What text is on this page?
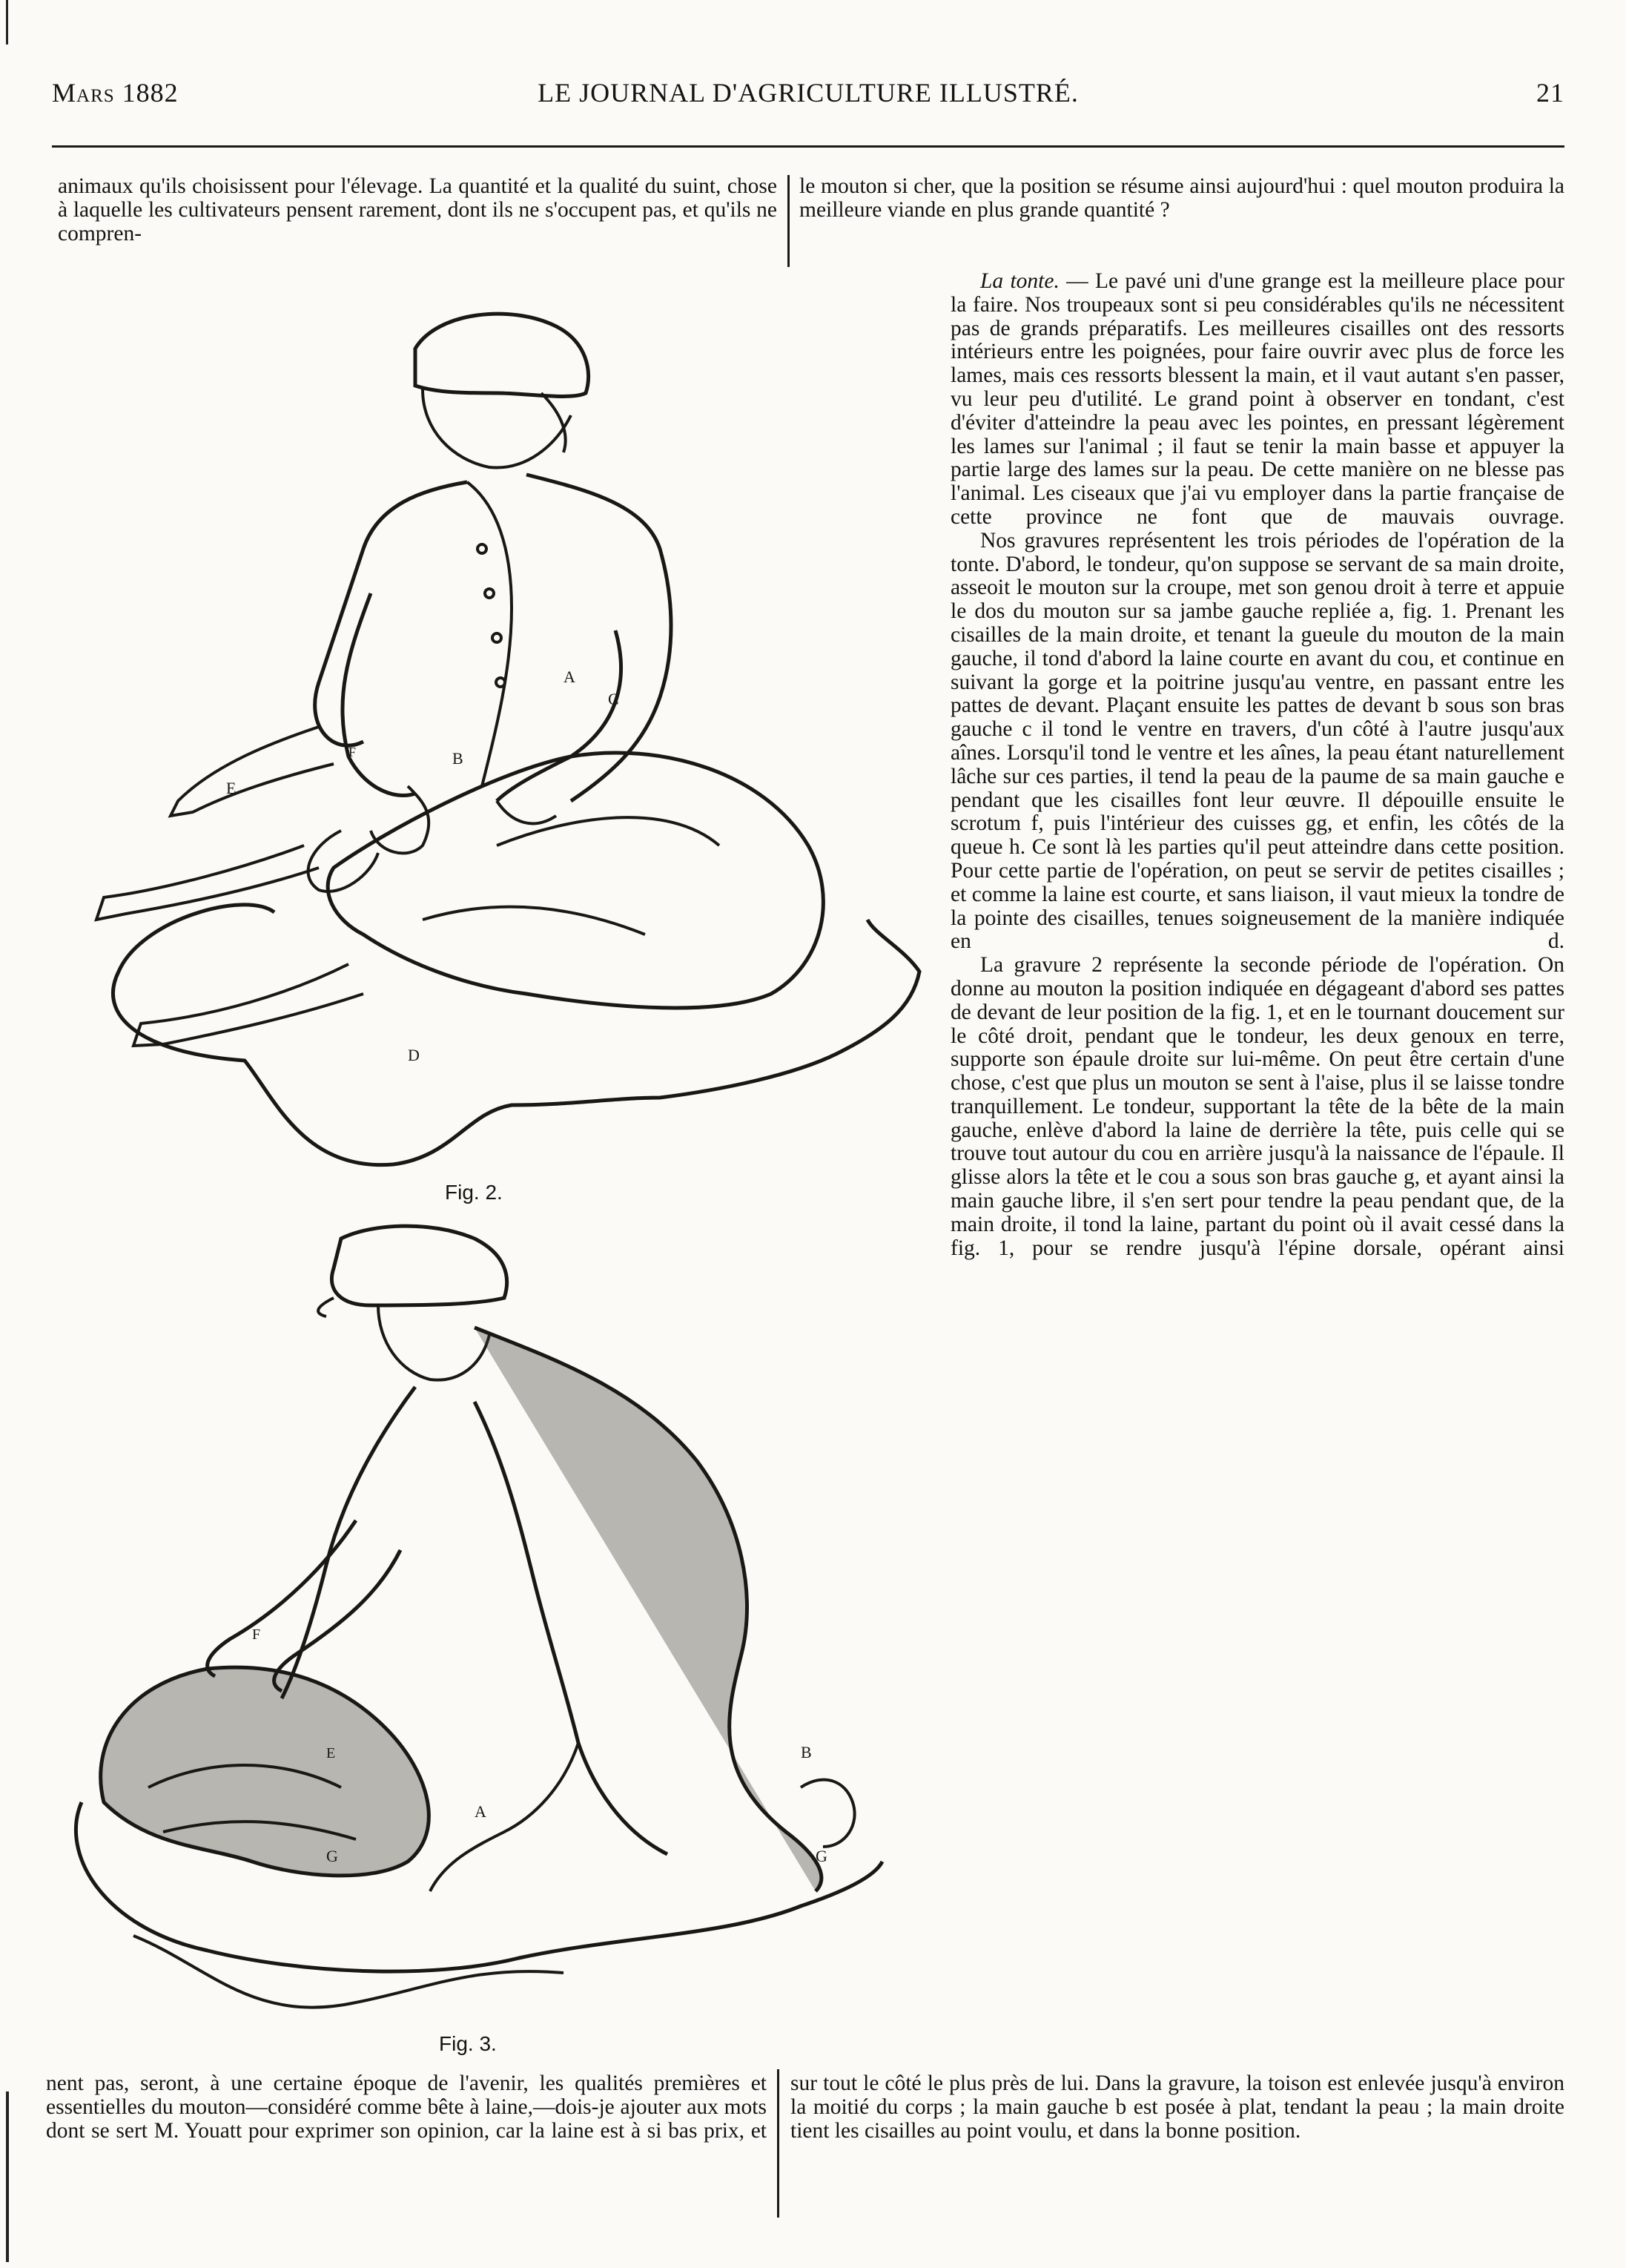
Mars 1882	LE JOURNAL D'AGRICULTURE ILLUSTRÉ.	21
animaux qu'ils choisissent pour l'élevage. La quantité et la qualité du suint, chose à laquelle les cultivateurs pensent rarement, dont ils ne s'occupent pas, et qu'ils ne compren-
le mouton si cher, que la position se résume ainsi aujourd'hui : quel mouton produira la meilleure viande en plus grande quantité ?

La tonte. — Le pavé uni d'une grange est la meilleure place pour la faire. Nos troupeaux sont si peu considérables qu'ils ne nécessitent pas de grands préparatifs. Les meilleures cisailles ont des ressorts intérieurs entre les poignées, pour faire ouvrir avec plus de force les lames, mais ces ressorts blessent la main, et il vaut autant s'en passer, vu leur peu d'utilité. Le grand point à observer en tondant, c'est d'éviter d'atteindre la peau avec les pointes, en pressant légèrement les lames sur l'animal ; il faut se tenir la main basse et appuyer la partie large des lames sur la peau. De cette manière on ne blesse pas l'animal. Les ciseaux que j'ai vu employer dans la partie française de cette province ne font que de mauvais ouvrage.

Nos gravures représentent les trois périodes de l'opération de la tonte. D'abord, le tondeur, qu'on suppose se servant de sa main droite, asseoit le mouton sur la croupe, met son genou droit à terre et appuie le dos du mouton sur sa jambe gauche repliée a, fig. 1. Prenant les cisailles de la main droite, et tenant la gueule du mouton de la main gauche, il tond d'abord la laine courte en avant du cou, et continue en suivant la gorge et la poitrine jusqu'au ventre, en passant entre les pattes de devant. Plaçant ensuite les pattes de devant b sous son bras gauche c il tond le ventre en travers, d'un côté à l'autre jusqu'aux aînes. Lorsqu'il tond le ventre et les aînes, la peau étant naturellement lâche sur ces parties, il tend la peau de la paume de sa main gauche e pendant que les cisailles font leur œuvre. Il dépouille ensuite le scrotum f, puis l'intérieur des cuisses gg, et enfin, les côtés de la queue h. Ce sont là les parties qu'il peut atteindre dans cette position. Pour cette partie de l'opération, on peut se servir de petites cisailles ; et comme la laine est courte, et sans liaison, il vaut mieux la tondre de la pointe des cisailles, tenues soigneusement de la manière indiquée en d.

La gravure 2 représente la seconde période de l'opération. On donne au mouton la position indiquée en dégageant d'abord ses pattes de devant de leur position de la fig. 1, et en le tournant doucement sur le côté droit, pendant que le tondeur, les deux genoux en terre, supporte son épaule droite sur lui-même. On peut être certain d'une chose, c'est que plus un mouton se sent à l'aise, plus il se laisse tondre tranquillement. Le tondeur, supportant la tête de la bête de la main gauche, enlève d'abord la laine de derrière la tête, puis celle qui se trouve tout autour du cou en arrière jusqu'à la naissance de l'épaule. Il glisse alors la tête et le cou a sous son bras gauche g, et ayant ainsi la main gauche libre, il s'en sert pour tendre la peau pendant que, de la main droite, il tond la laine, partant du point où il avait cessé dans la fig. 1, pour se rendre jusqu'à l'épine dorsale, opérant ainsi

nent pas, seront, à une certaine époque de l'avenir, les qualités premières et essentielles du mouton—considéré comme bête à laine,—dois-je ajouter aux mots dont se sert M. Youatt pour exprimer son opinion, car la laine est à si bas prix, et
sur tout le côté le plus près de lui. Dans la gravure, la toison est enlevée jusqu'à environ la moitié du corps ; la main gauche b est posée à plat, tendant la peau ; la main droite tient les cisailles au point voulu, et dans la bonne position.
A
B
C
D
E
F
Fig. 2.
F
E
A
B
G	G
Fig. 3.
